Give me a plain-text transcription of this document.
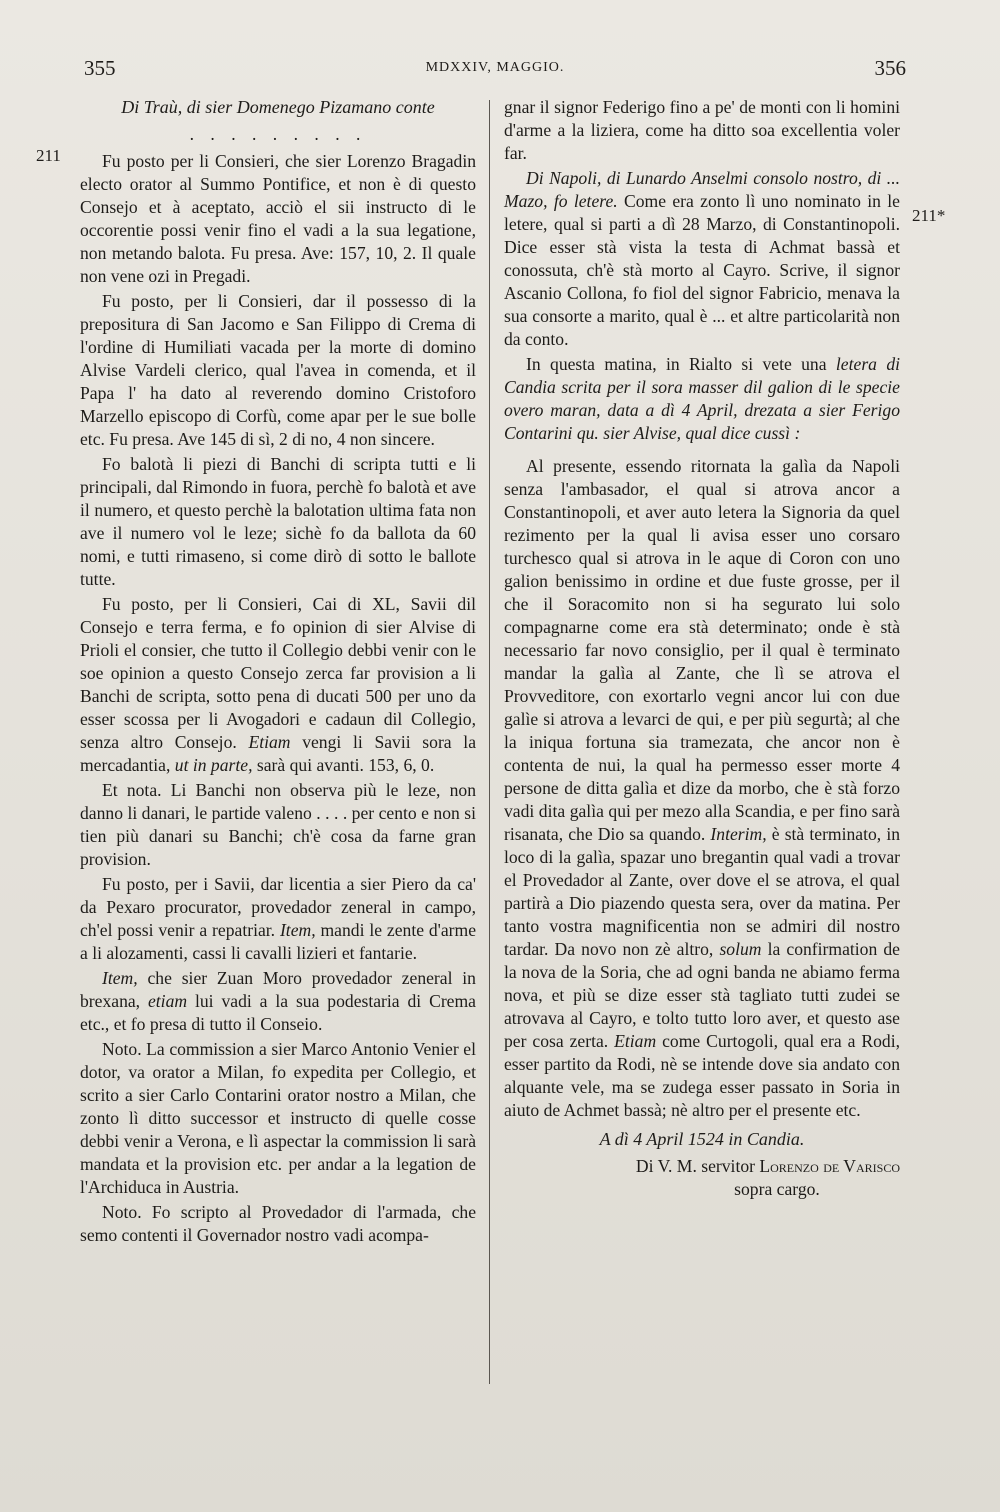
355	MDXXIV, MAGGIO.	356
211
211*
Di Traù, di sier Domenego Pizamano conte
. . . . . . . . .

Fu posto per li Consieri, che sier Lorenzo Bragadin electo orator al Summo Pontifice, et non è di questo Consejo et à aceptato, acciò el sii instructo di le occorentie possi venir fino el vadi a la sua legatione, non metando balota. Fu presa. Ave: 157, 10, 2. Il quale non vene ozi in Pregadi.

Fu posto, per li Consieri, dar il possesso di la prepositura di San Jacomo e San Filippo di Crema di l'ordine di Humiliati vacada per la morte di domino Alvise Vardeli clerico, qual l'avea in comenda, et il Papa l' ha dato al reverendo domino Cristoforo Marzello episcopo di Corfù, come apar per le sue bolle etc. Fu presa. Ave 145 di sì, 2 di no, 4 non sincere.

Fo balotà li piezi di Banchi di scripta tutti e li principali, dal Rimondo in fuora, perchè fo balotà et ave il numero, et questo perchè la balotation ultima fata non ave il numero vol le leze; sichè fo da ballota da 60 nomi, e tutti rimaseno, si come dirò di sotto le ballote tutte.

Fu posto, per li Consieri, Cai di XL, Savii dil Consejo e terra ferma, e fo opinion di sier Alvise di Prioli el consier, che tutto il Collegio debbi venir con le soe opinion a questo Consejo zerca far provision a li Banchi de scripta, sotto pena di ducati 500 per uno da esser scossa per li Avogadori e cadaun dil Collegio, senza altro Consejo. Etiam vengi li Savii sora la mercadantia, ut in parte, sarà qui avanti. 153, 6, 0.

Et nota. Li Banchi non observa più le leze, non danno li danari, le partide valeno . . . . per cento e non si tien più danari su Banchi; ch'è cosa da farne gran provision.

Fu posto, per i Savii, dar licentia a sier Piero da ca' da Pexaro procurator, provedador zeneral in campo, ch'el possi venir a repatriar. Item, mandi le zente d'arme a li alozamenti, cassi li cavalli lizieri et fantarie.

Item, che sier Zuan Moro provedador zeneral in brexana, etiam lui vadi a la sua podestaria di Crema etc., et fo presa di tutto il Conseio.

Noto. La commission a sier Marco Antonio Venier el dotor, va orator a Milan, fo expedita per Collegio, et scrito a sier Carlo Contarini orator nostro a Milan, che zonto lì ditto successor et instructo di quelle cosse debbi venir a Verona, e lì aspectar la commission li sarà mandata et la provision etc. per andar a la legation de l'Archiduca in Austria.

Noto. Fo scripto al Provedador di l'armada, che semo contenti il Governador nostro vadi acompa-

gnar il signor Federigo fino a pe' de monti con li homini d'arme a la liziera, come ha ditto soa excellentia voler far.

Di Napoli, di Lunardo Anselmi consolo nostro, di ... Mazo, fo letere. Come era zonto lì uno nominato in le letere, qual si parti a dì 28 Marzo, di Constantinopoli. Dice esser stà vista la testa di Achmat bassà et conossuta, ch'è stà morto al Cayro. Scrive, il signor Ascanio Collona, fo fiol del signor Fabricio, menava la sua consorte a marito, qual è ... et altre particolarità non da conto.

In questa matina, in Rialto si vete una letera di Candia scrita per il sora masser dil galion di le specie overo maran, data a dì 4 April, drezata a sier Ferigo Contarini qu. sier Alvise, qual dice cussì :

Al presente, essendo ritornata la galìa da Napoli senza l'ambasador, el qual si atrova ancor a Constantinopoli, et aver auto letera la Signoria da quel rezimento per la qual li avisa esser uno corsaro turchesco qual si atrova in le aque di Coron con uno galion benissimo in ordine et due fuste grosse, per il che il Soracomito non si ha segurato lui solo compagnarne come era stà determinato; onde è stà necessario far novo consiglio, per il qual è terminato mandar la galìa al Zante, che lì se atrova el Provveditore, con exortarlo vegni ancor lui con due galìe si atrova a levarci de qui, e per più segurtà; al che la iniqua fortuna sia tramezata, che ancor non è contenta de nui, la qual ha permesso esser morte 4 persone de ditta galìa et dize da morbo, che è stà forzo vadi dita galìa qui per mezo alla Scandia, e per fino sarà risanata, che Dio sa quando. Interim, è stà terminato, in loco di la galìa, spazar uno bregantin qual vadi a trovar el Provedador al Zante, over dove el se atrova, el qual partirà a Dio piazendo questa sera, over da matina. Per tanto vostra magnificentia non se admiri dil nostro tardar. Da novo non zè altro, solum la confirmation de la nova de la Soria, che ad ogni banda ne abiamo ferma nova, et più se dize esser stà tagliato tutti zudei se atrovava al Cayro, e tolto tutto loro aver, et questo ase per cosa zerta. Etiam come Curtogoli, qual era a Rodi, esser partito da Rodi, nè se intende dove sia andato con alquante vele, ma se zudega esser passato in Soria in aiuto de Achmet bassà; nè altro per el presente etc.

A dì 4 April 1524 in Candia.
Di V. M. servitor Lorenzo de Varisco
sopra cargo.
